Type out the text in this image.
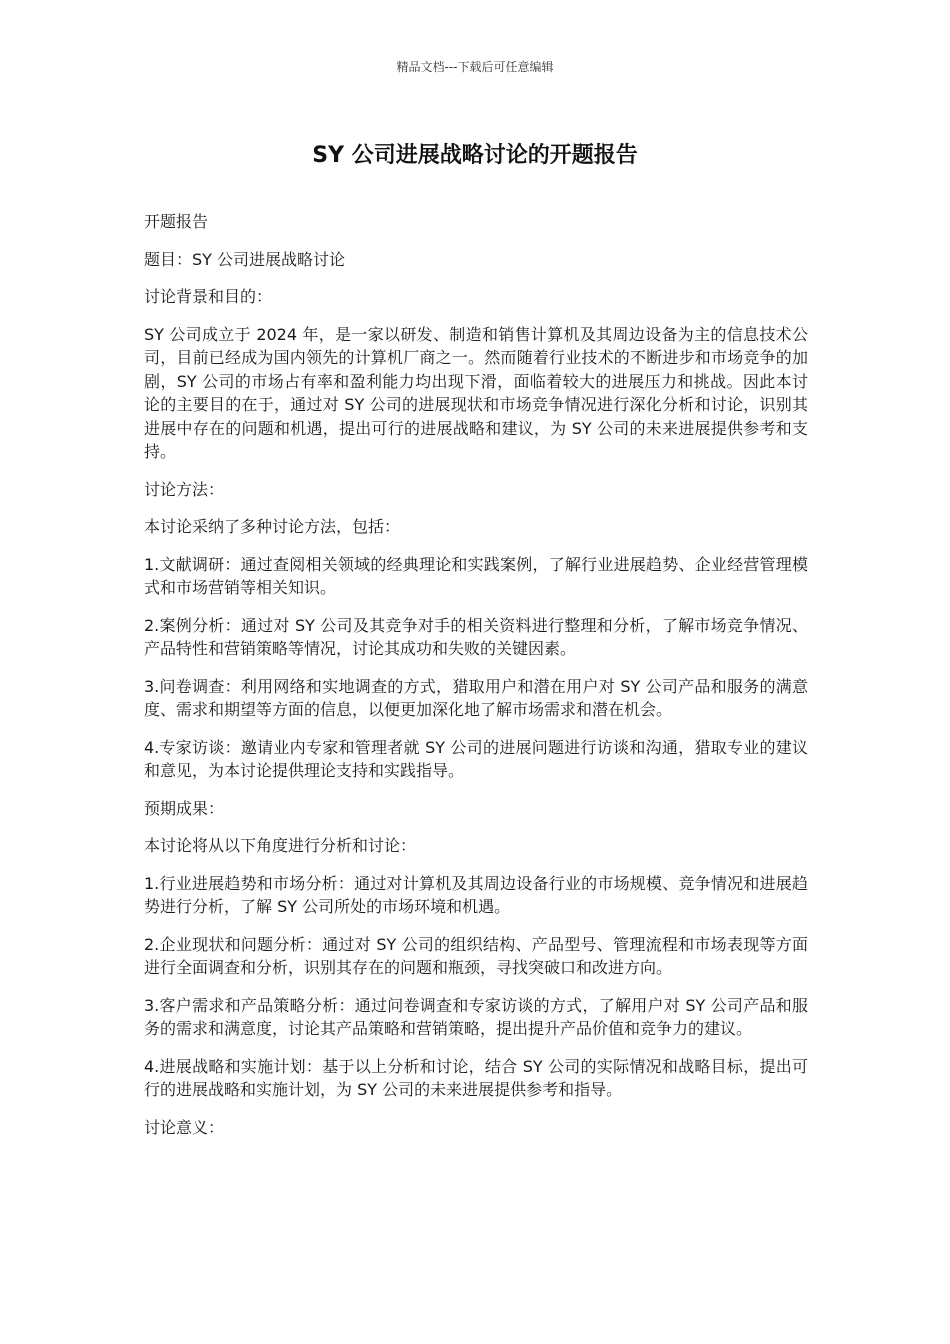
精品文档---下载后可任意编辑
SY 公司进展战略讨论的开题报告

开题报告

题目：SY 公司进展战略讨论

讨论背景和目的：

SY 公司成立于 2024 年，是一家以研发、制造和销售计算机及其周边设备为主的信息技术公司，目前已经成为国内领先的计算机厂商之一。然而随着行业技术的不断进步和市场竞争的加剧，SY 公司的市场占有率和盈利能力均出现下滑，面临着较大的进展压力和挑战。因此本讨论的主要目的在于，通过对 SY 公司的进展现状和市场竞争情况进行深化分析和讨论，识别其进展中存在的问题和机遇，提出可行的进展战略和建议，为 SY 公司的未来进展提供参考和支持。

讨论方法：

本讨论采纳了多种讨论方法，包括：

1.文献调研：通过查阅相关领域的经典理论和实践案例，了解行业进展趋势、企业经营管理模式和市场营销等相关知识。

2.案例分析：通过对 SY 公司及其竞争对手的相关资料进行整理和分析，了解市场竞争情况、产品特性和营销策略等情况，讨论其成功和失败的关键因素。

3.问卷调查：利用网络和实地调查的方式，猎取用户和潜在用户对 SY 公司产品和服务的满意度、需求和期望等方面的信息，以便更加深化地了解市场需求和潜在机会。

4.专家访谈：邀请业内专家和管理者就 SY 公司的进展问题进行访谈和沟通，猎取专业的建议和意见，为本讨论提供理论支持和实践指导。

预期成果：

本讨论将从以下角度进行分析和讨论：

1.行业进展趋势和市场分析：通过对计算机及其周边设备行业的市场规模、竞争情况和进展趋势进行分析，了解 SY 公司所处的市场环境和机遇。

2.企业现状和问题分析：通过对 SY 公司的组织结构、产品型号、管理流程和市场表现等方面进行全面调查和分析，识别其存在的问题和瓶颈，寻找突破口和改进方向。

3.客户需求和产品策略分析：通过问卷调查和专家访谈的方式，了解用户对 SY 公司产品和服务的需求和满意度，讨论其产品策略和营销策略，提出提升产品价值和竞争力的建议。

4.进展战略和实施计划：基于以上分析和讨论，结合 SY 公司的实际情况和战略目标，提出可行的进展战略和实施计划，为 SY 公司的未来进展提供参考和指导。

讨论意义：
